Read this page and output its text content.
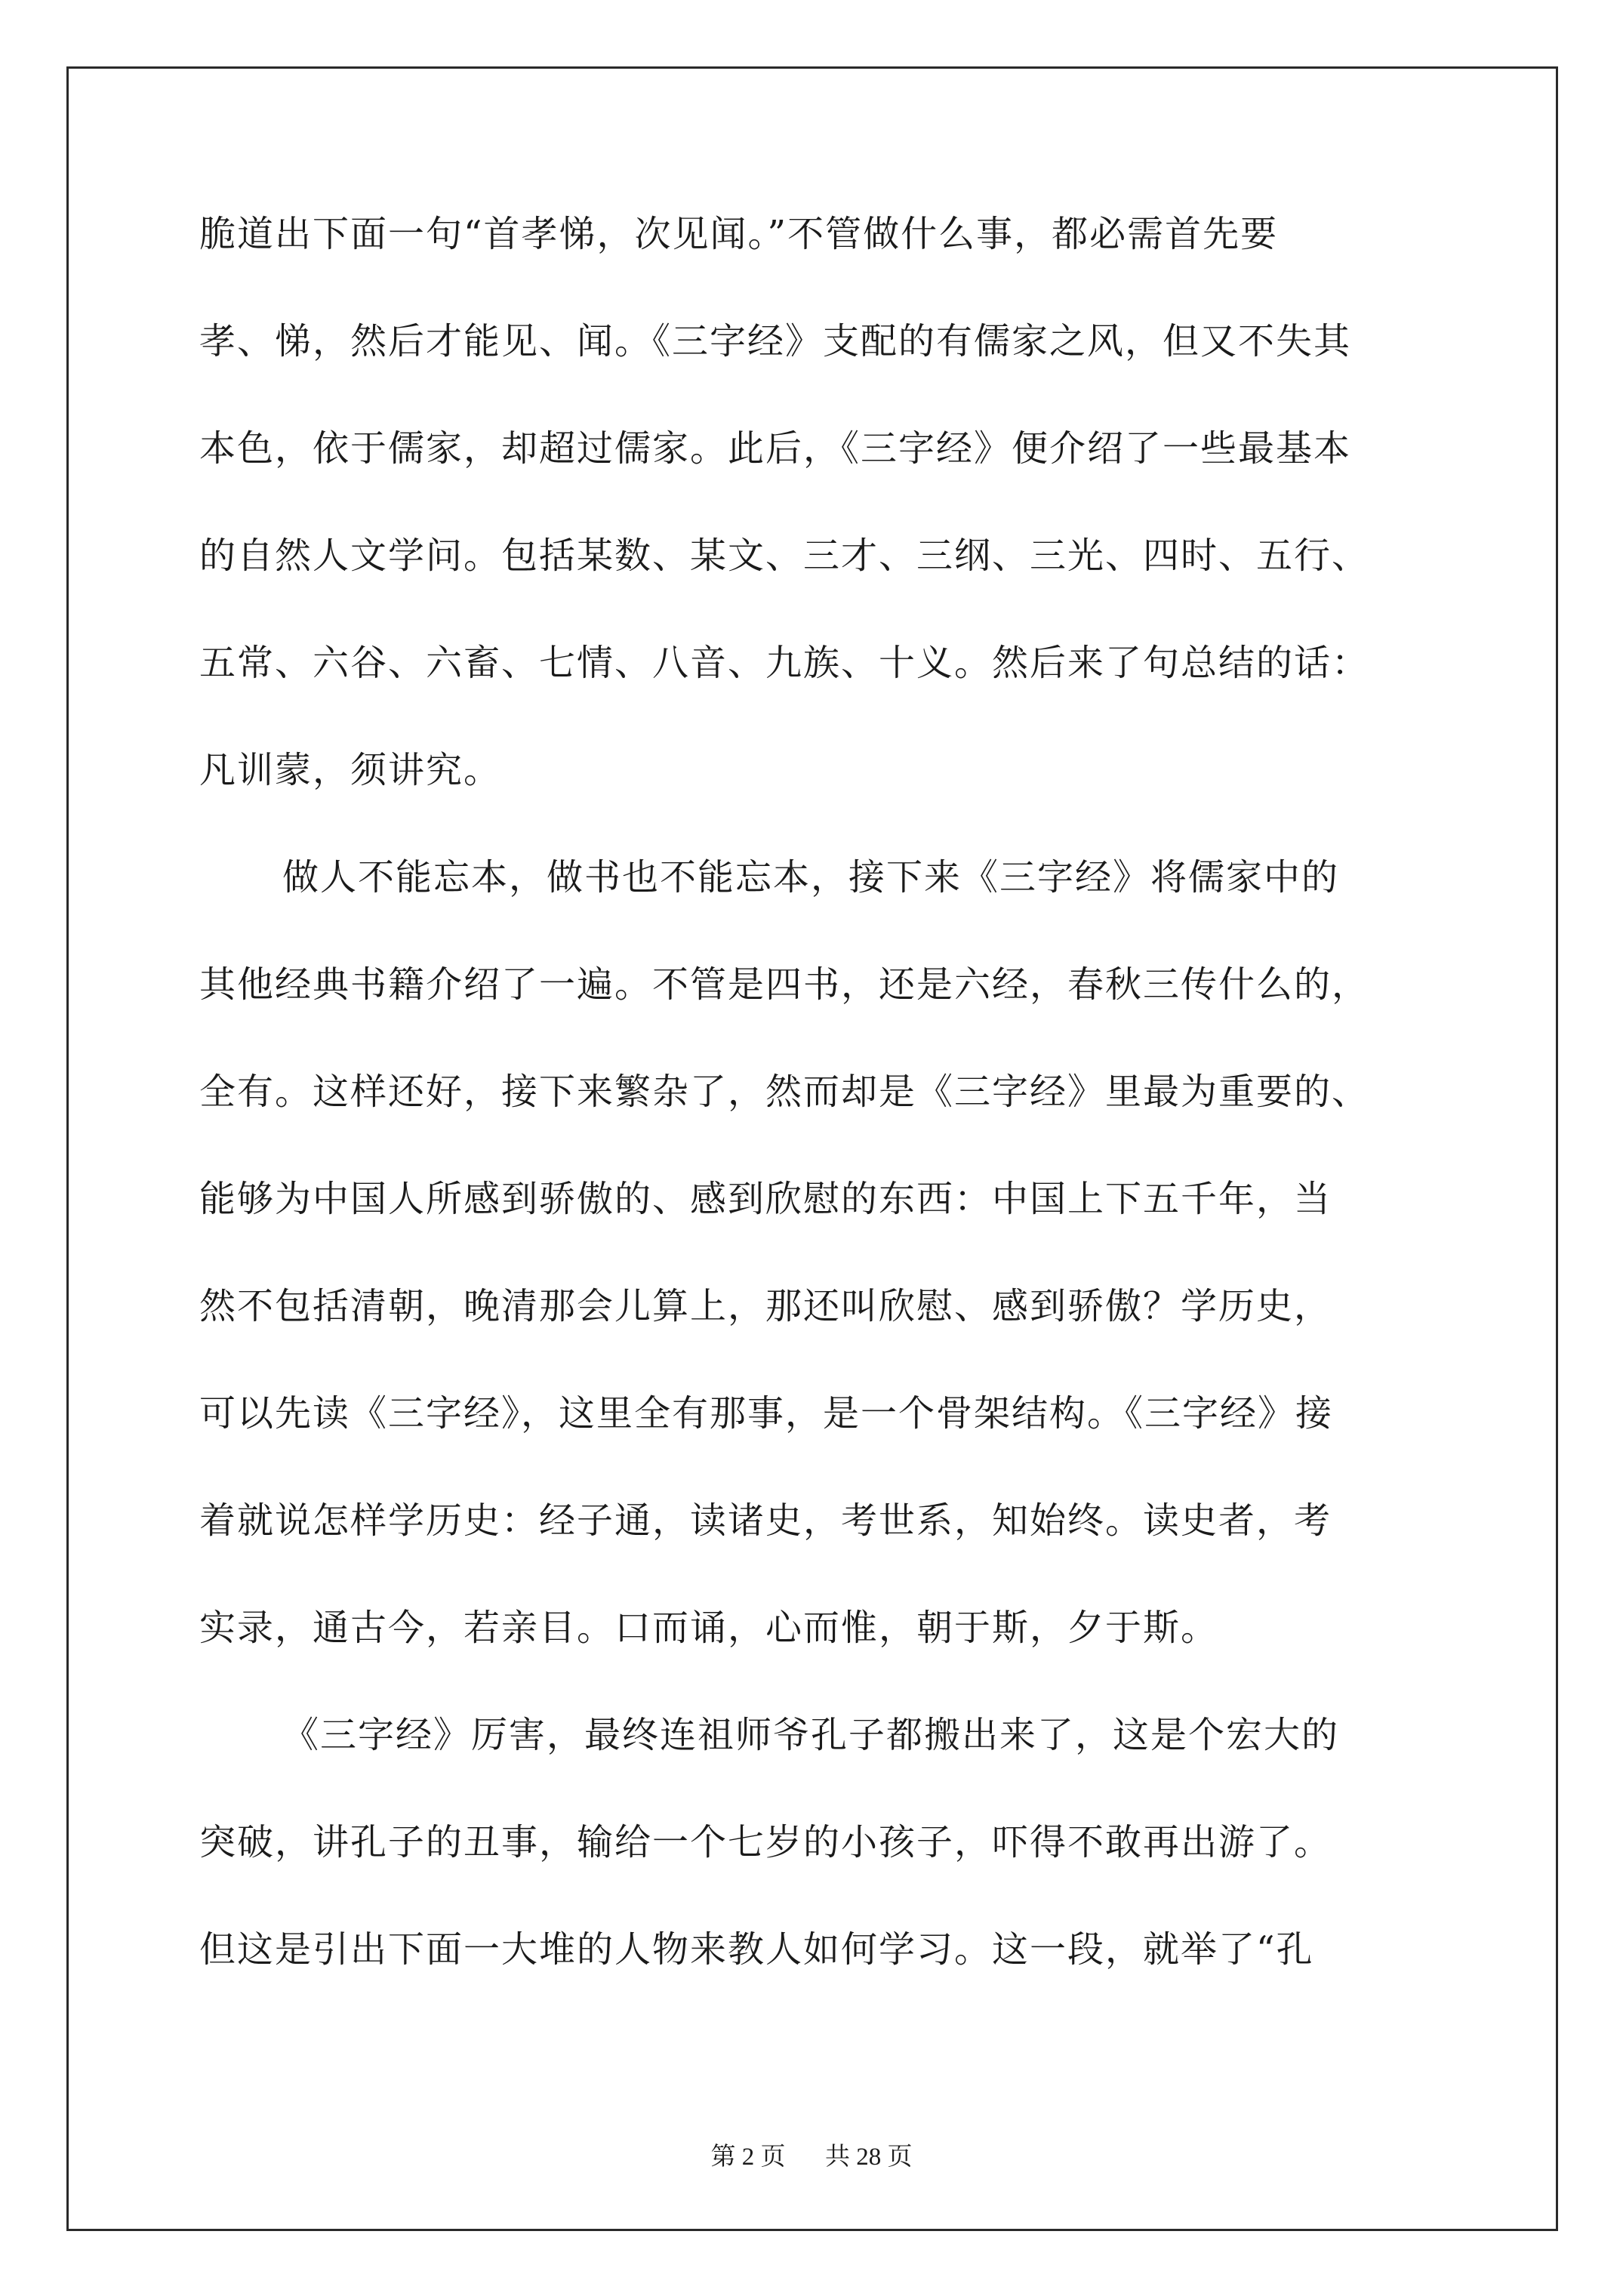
脆道出下面一句“首孝悌，次见闻。”不管做什么事，都必需首先要
孝、悌，然后才能见、闻。《三字经》支配的有儒家之风，但又不失其
本色，依于儒家，却超过儒家。此后，《三字经》便介绍了一些最基本
的自然人文学问。包括某数、某文、三才、三纲、三光、四时、五行、
五常、六谷、六畜、七情、八音、九族、十义。然后来了句总结的话：
凡训蒙，须讲究。
做人不能忘本，做书也不能忘本，接下来《三字经》将儒家中的
其他经典书籍介绍了一遍。不管是四书，还是六经，春秋三传什么的，
全有。这样还好，接下来繁杂了，然而却是《三字经》里最为重要的、
能够为中国人所感到骄傲的、感到欣慰的东西：中国上下五千年，当
然不包括清朝，晚清那会儿算上，那还叫欣慰、感到骄傲？学历史，
可以先读《三字经》，这里全有那事，是一个骨架结构。《三字经》接
着就说怎样学历史：经子通，读诸史，考世系，知始终。读史者，考
实录，通古今，若亲目。口而诵，心而惟，朝于斯，夕于斯。
《三字经》厉害，最终连祖师爷孔子都搬出来了，这是个宏大的
突破，讲孔子的丑事，输给一个七岁的小孩子，吓得不敢再出游了。
但这是引出下面一大堆的人物来教人如何学习。这一段，就举了“孔
第 2 页 共 28 页
